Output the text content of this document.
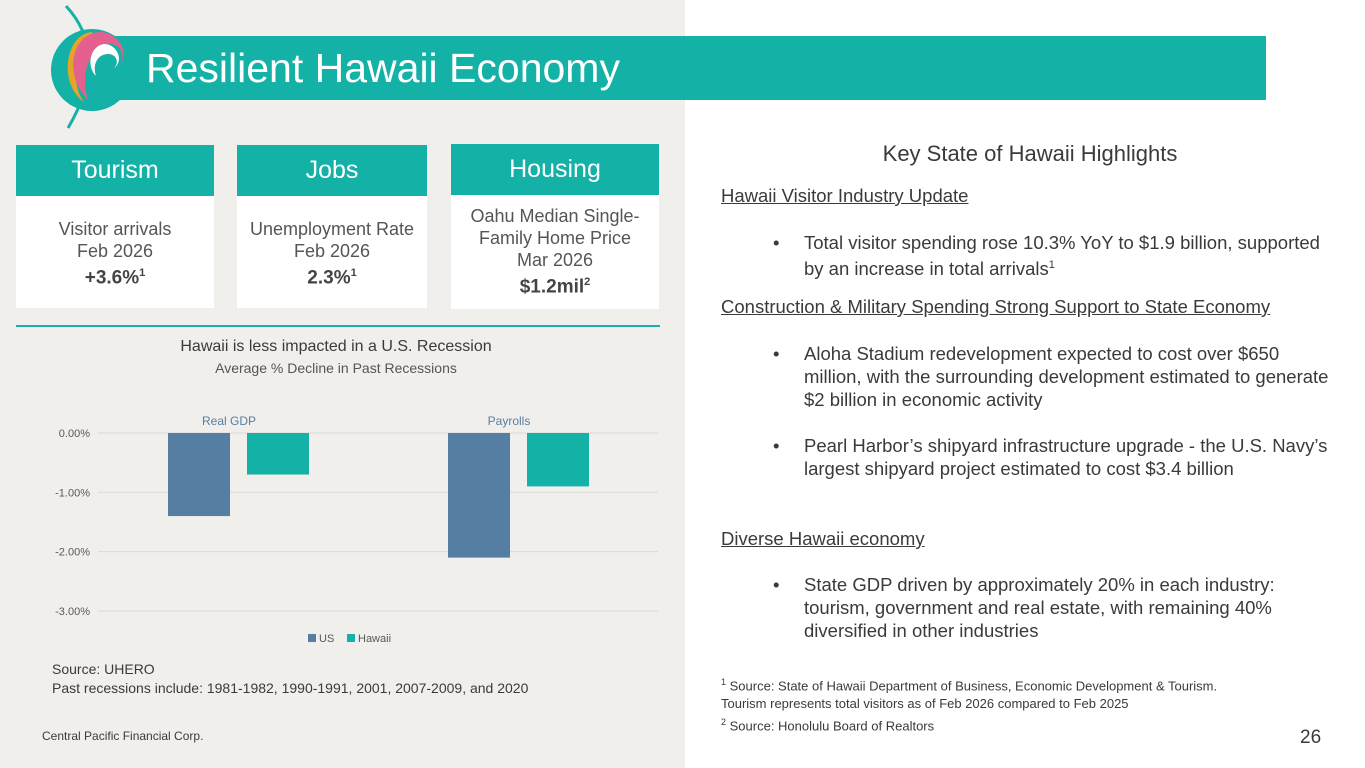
Resilient Hawaii Economy
Tourism
Visitor arrivals
Feb 2026
+3.6%$^1$
Jobs
Unemployment Rate
Feb 2026
2.3%$^1$
Housing
Oahu Median Single-
Family Home Price
Mar 2026
$1.2mil$^2$
Hawaii is less impacted in a U.S. Recession
Average % Decline in Past Recessions
0.00%
-1.00%
-2.00%
-3.00%
Real GDP	Payrolls
US Hawaii
Source: UHERO
Past recessions include: 1981-1982, 1990-1991, 2001, 2007-2009, and 2020
Central Pacific Financial Corp.
Key State of Hawaii Highlights
Hawaii Visitor Industry Update
• Total visitor spending rose 10.3% YoY to $1.9 billion, supported by an increase in total arrivals$^1$
Construction & Military Spending Strong Support to State Economy
• Aloha Stadium redevelopment expected to cost over $650 million, with the surrounding development estimated to generate $2 billion in economic activity
• Pearl Harbor’s shipyard infrastructure upgrade - the U.S. Navy’s largest shipyard project estimated to cost $3.4 billion
Diverse Hawaii economy
• State GDP driven by approximately 20% in each industry: tourism, government and real estate, with remaining 40% diversified in other industries
$^1$ Source: State of Hawaii Department of Business, Economic Development & Tourism.
Tourism represents total visitors as of Feb 2026 compared to Feb 2025
$^2$ Source: Honolulu Board of Realtors
26
